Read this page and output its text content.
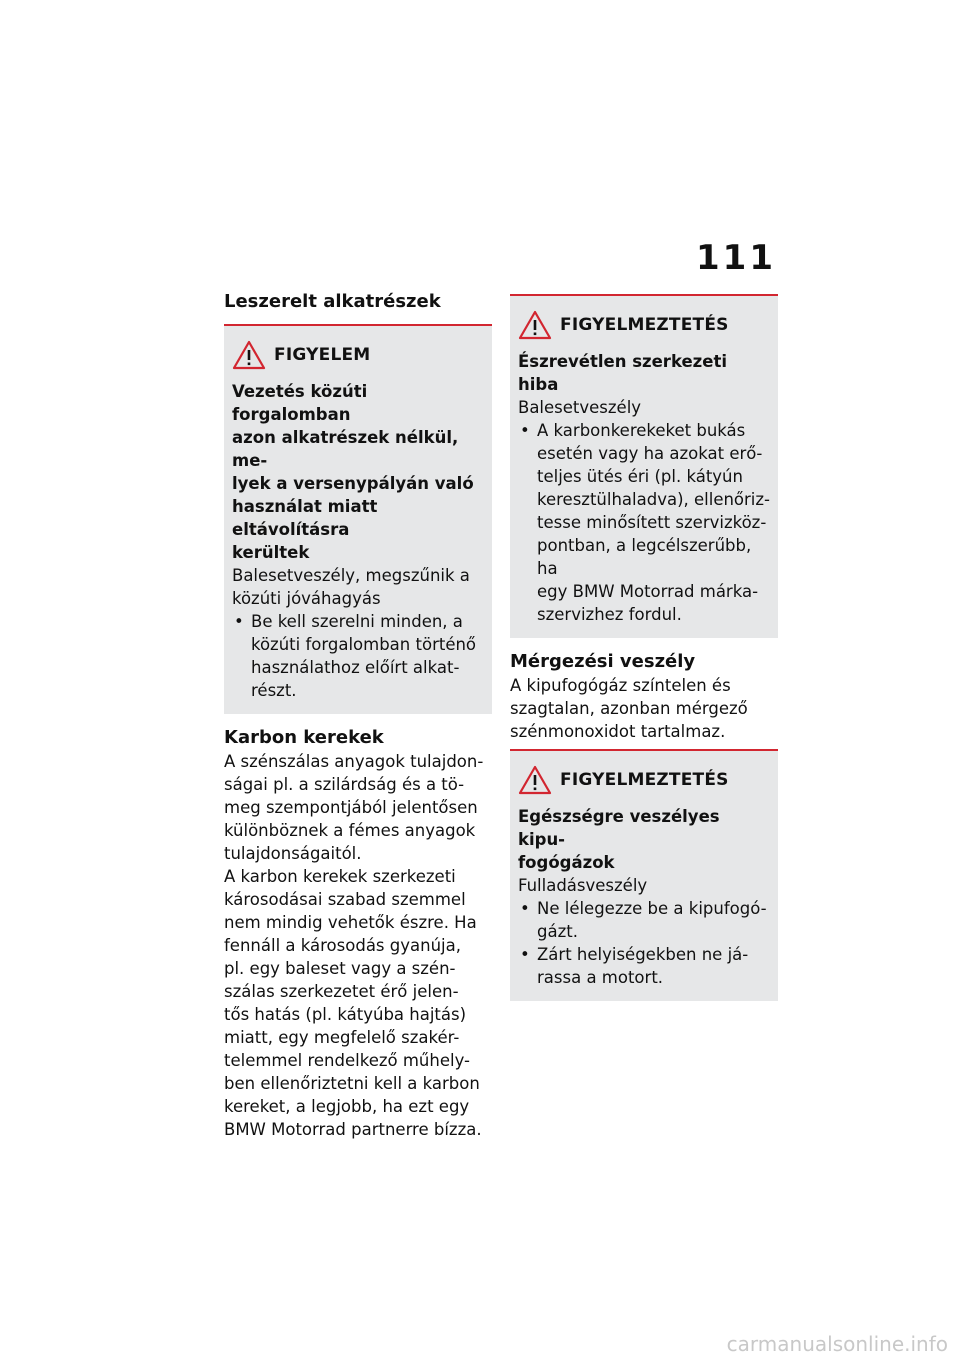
111
Leszerelt alkatrészek
FIGYELEM

Vezetés közúti forgalomban
azon alkatrészek nélkül, me-
lyek a versenypályán való
használat miatt eltávolításra
kerültek

Balesetveszély, megszűnik a
közúti jóváhagyás

• Be kell szerelni minden, a
közúti forgalomban történő
használathoz előírt alkat-
részt.
Karbon kerekek

A szénszálas anyagok tulajdon-
ságai pl. a szilárdság és a tö-
meg szempontjából jelentősen
különböznek a fémes anyagok
tulajdonságaitól.
A karbon kerekek szerkezeti
károsodásai szabad szemmel
nem mindig vehetők észre. Ha
fennáll a károsodás gyanúja,
pl. egy baleset vagy a szén-
szálas szerkezetet érő jelen-
tős hatás (pl. kátyúba hajtás)
miatt, egy megfelelő szakér-
telemmel rendelkező műhely-
ben ellenőriztetni kell a karbon
kereket, a legjobb, ha ezt egy
BMW Motorrad partnerre bízza.

FIGYELMEZTETÉS

Észrevétlen szerkezeti hiba

Balesetveszély

• A karbonkerekeket bukás
esetén vagy ha azokat erő-
teljes ütés éri (pl. kátyún
keresztülhaladva), ellenőriz-
tesse minősített szervizköz-
pontban, a legcélszerűbb, ha
egy BMW Motorrad márka-
szervizhez fordul.
Mérgezési veszély

A kipufogógáz színtelen és
szagtalan, azonban mérgező
szénmonoxidot tartalmaz.

FIGYELMEZTETÉS

Egészségre veszélyes kipu-
fogógázok

Fulladásveszély

• Ne lélegezze be a kipufogó-
gázt.
• Zárt helyiségekben ne já-
rassa a motort.
carmanualsonline.info
